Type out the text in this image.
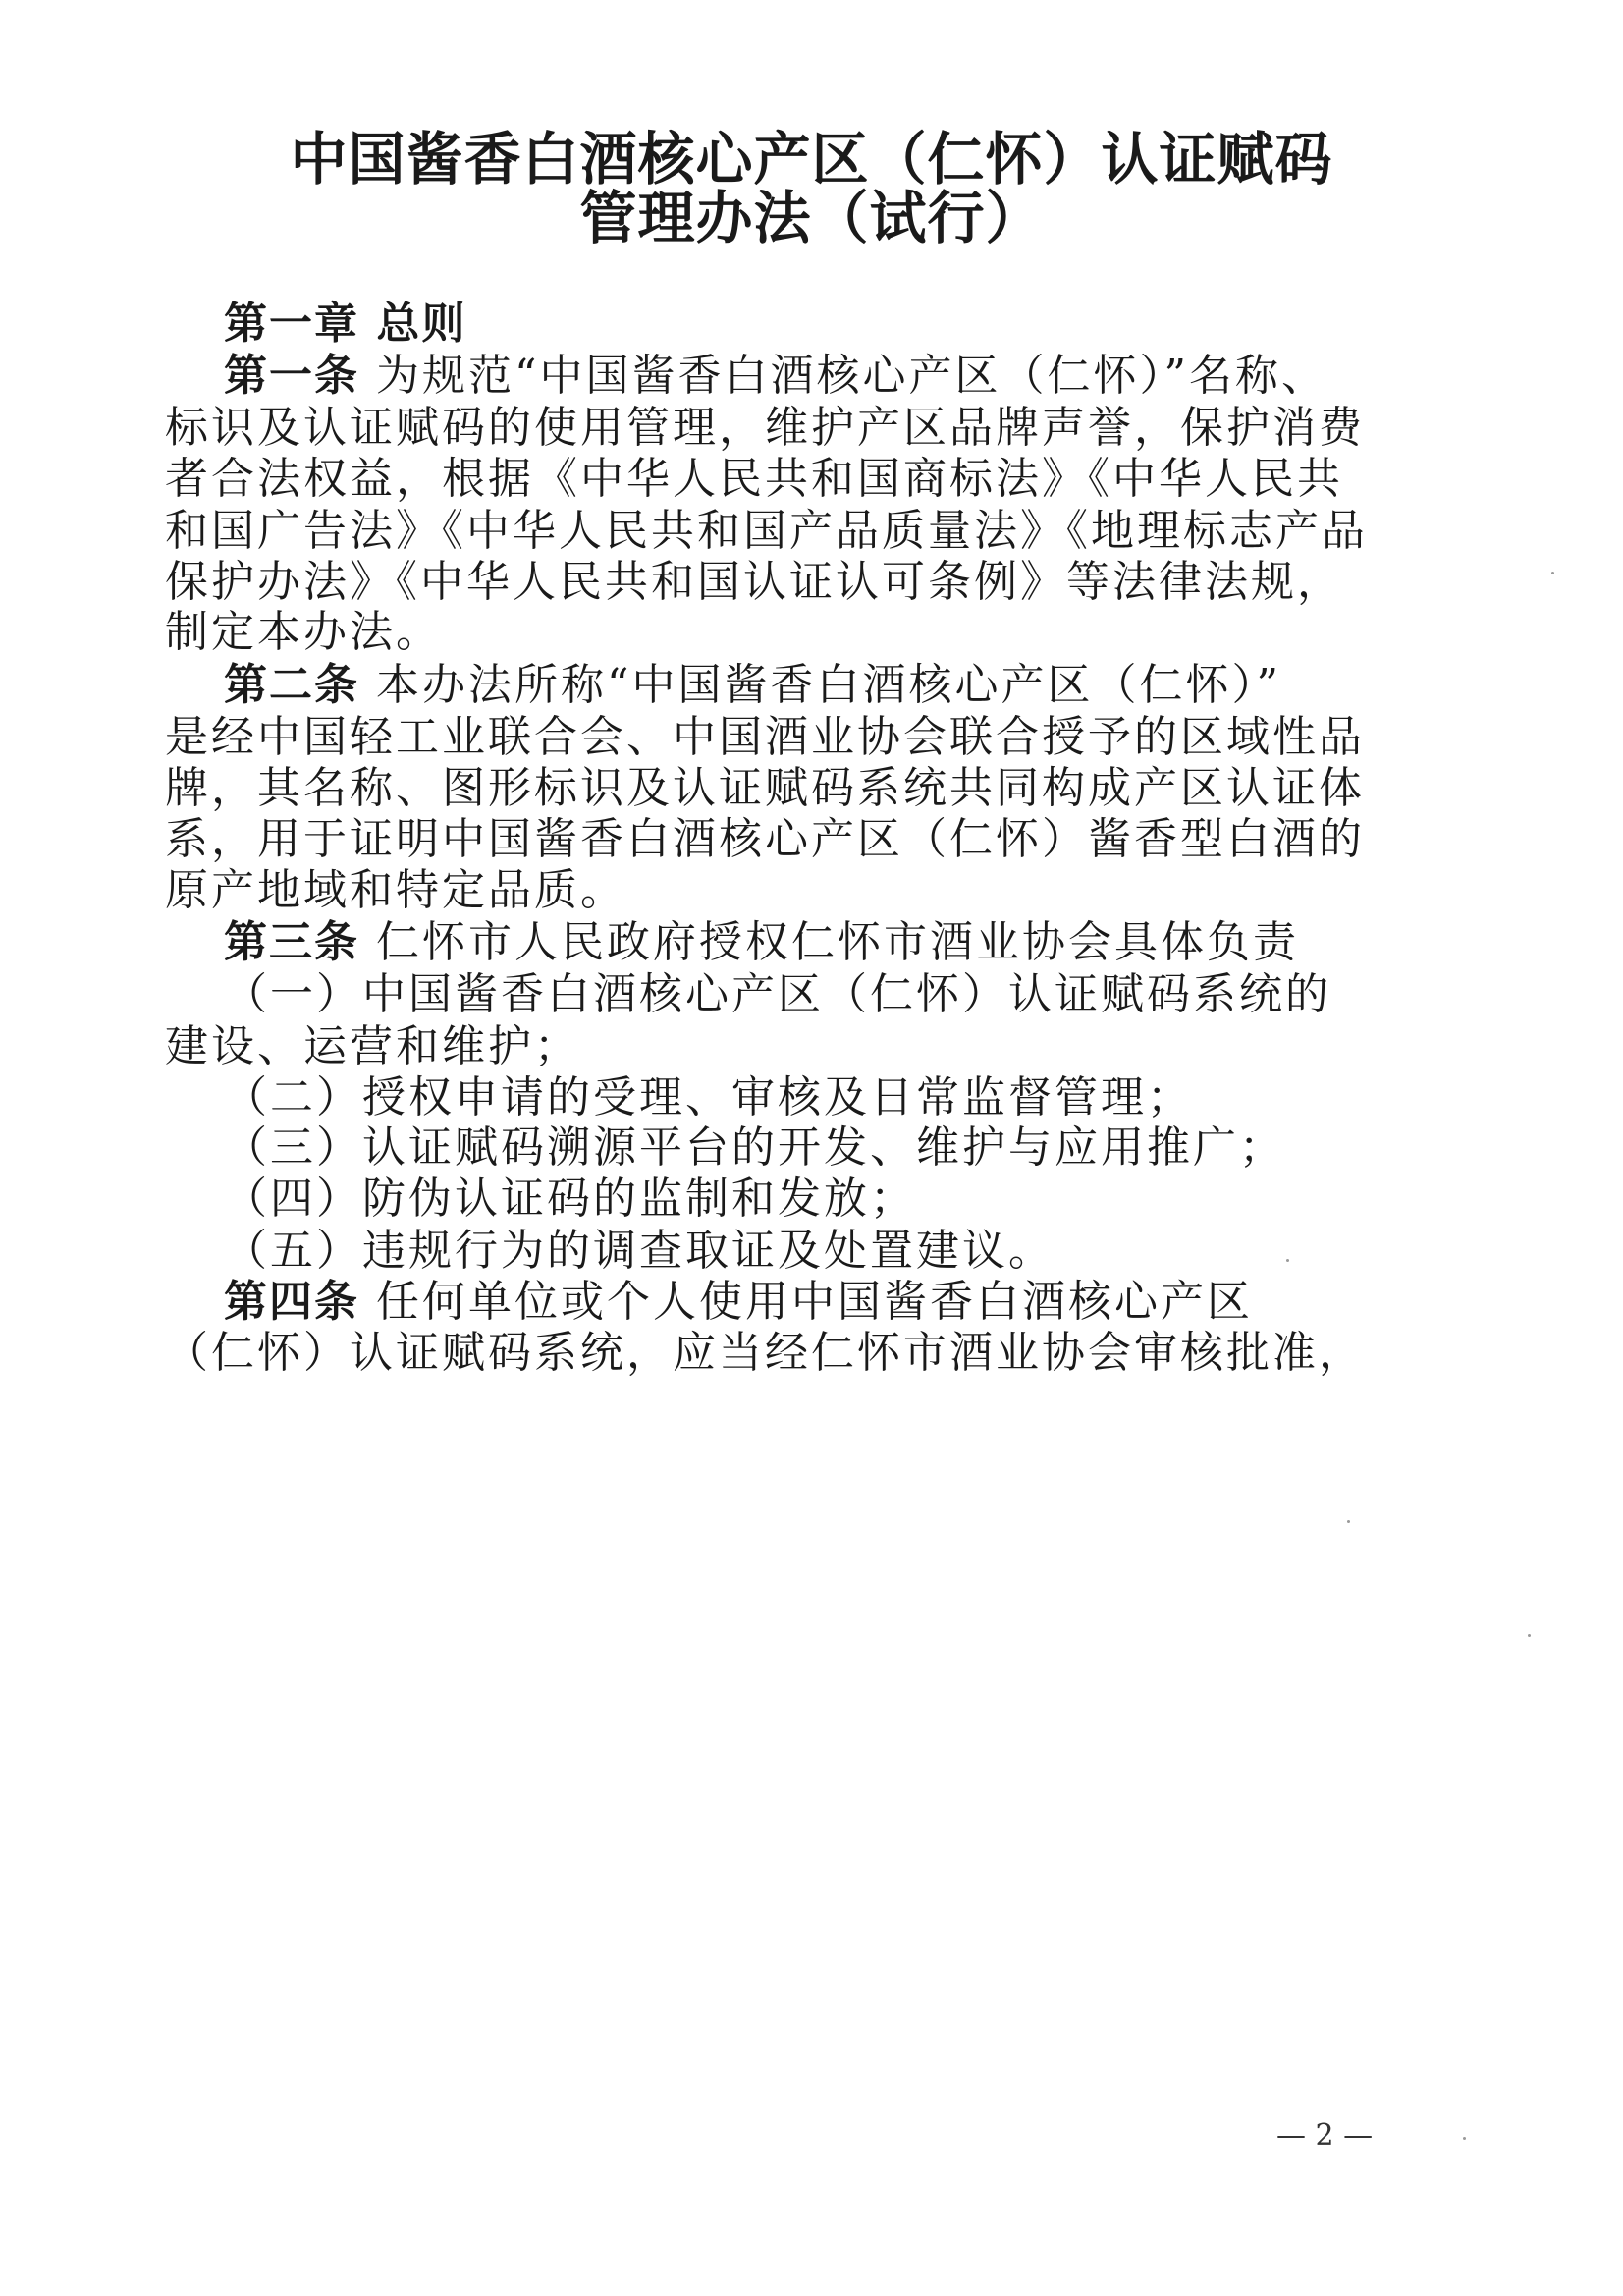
中国酱香白酒核心产区（仁怀）认证赋码
管理办法（试行）
第一章 总则
第一条 为规范“中国酱香白酒核心产区（仁怀）”名称、
标识及认证赋码的使用管理，维护产区品牌声誉，保护消费
者合法权益，根据《中华人民共和国商标法》《中华人民共
和国广告法》《中华人民共和国产品质量法》《地理标志产品
保护办法》《中华人民共和国认证认可条例》等法律法规，
制定本办法。
第二条 本办法所称“中国酱香白酒核心产区（仁怀）”
是经中国轻工业联合会、中国酒业协会联合授予的区域性品
牌，其名称、图形标识及认证赋码系统共同构成产区认证体
系，用于证明中国酱香白酒核心产区（仁怀）酱香型白酒的
原产地域和特定品质。
第三条 仁怀市人民政府授权仁怀市酒业协会具体负责
（一）中国酱香白酒核心产区（仁怀）认证赋码系统的
建设、运营和维护；
（二）授权申请的受理、审核及日常监督管理；
（三）认证赋码溯源平台的开发、维护与应用推广；
（四）防伪认证码的监制和发放；
（五）违规行为的调查取证及处置建议。
第四条 任何单位或个人使用中国酱香白酒核心产区
（仁怀）认证赋码系统，应当经仁怀市酒业协会审核批准，
— 2 —
